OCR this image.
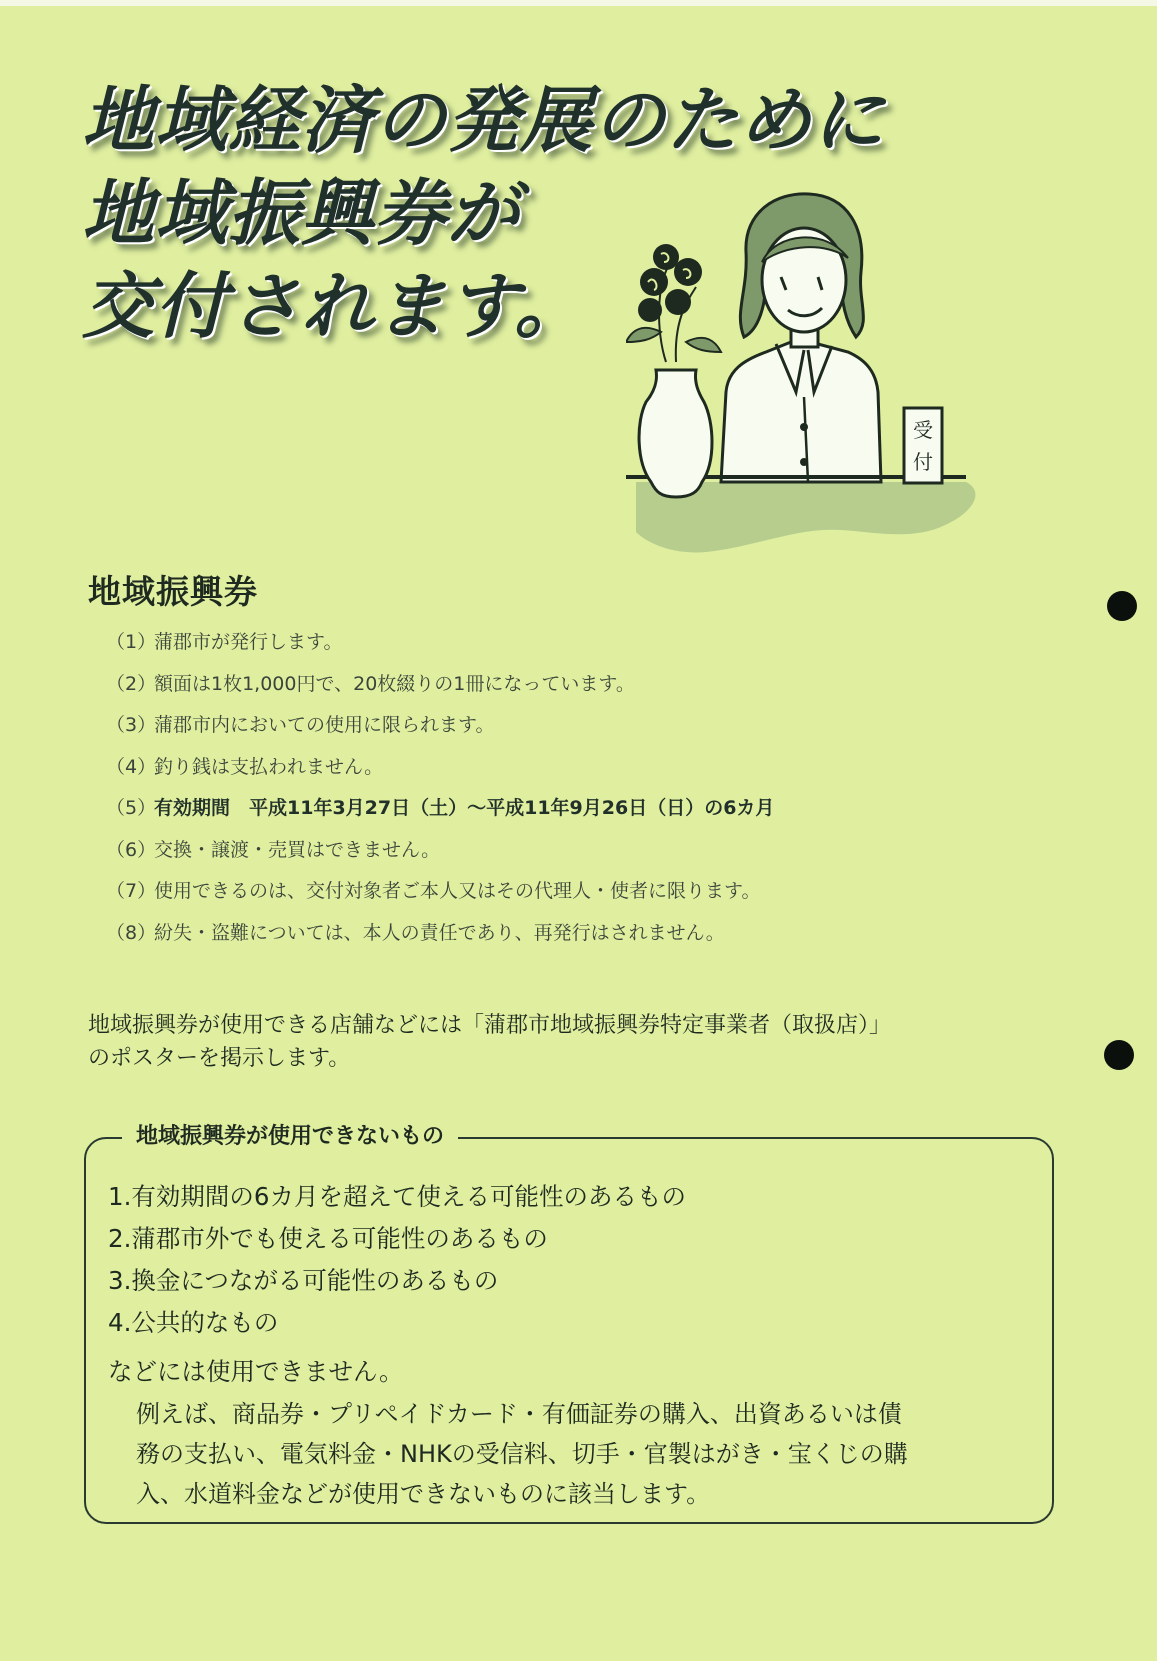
地域経済の発展のために
地域振興券が
交付されます。
受
付
地域振興券
（1）蒲郡市が発行します。
（2）額面は1枚1,000円で、20枚綴りの1冊になっています。
（3）蒲郡市内においての使用に限られます。
（4）釣り銭は支払われません。
（5）有効期間　平成11年3月27日（土）～平成11年9月26日（日）の6カ月
（6）交換・譲渡・売買はできません。
（7）使用できるのは、交付対象者ご本人又はその代理人・使者に限ります。
（8）紛失・盗難については、本人の責任であり、再発行はされません。

地域振興券が使用できる店舗などには「蒲郡市地域振興券特定事業者（取扱店）」
のポスターを掲示します。

地域振興券が使用できないもの
1.有効期間の6カ月を超えて使える可能性のあるもの
2.蒲郡市外でも使える可能性のあるもの
3.換金につながる可能性のあるもの
4.公共的なもの

などには使用できません。

例えば、商品券・プリペイドカード・有価証券の購入、出資あるいは債
務の支払い、電気料金・NHKの受信料、切手・官製はがき・宝くじの購
入、水道料金などが使用できないものに該当します。
